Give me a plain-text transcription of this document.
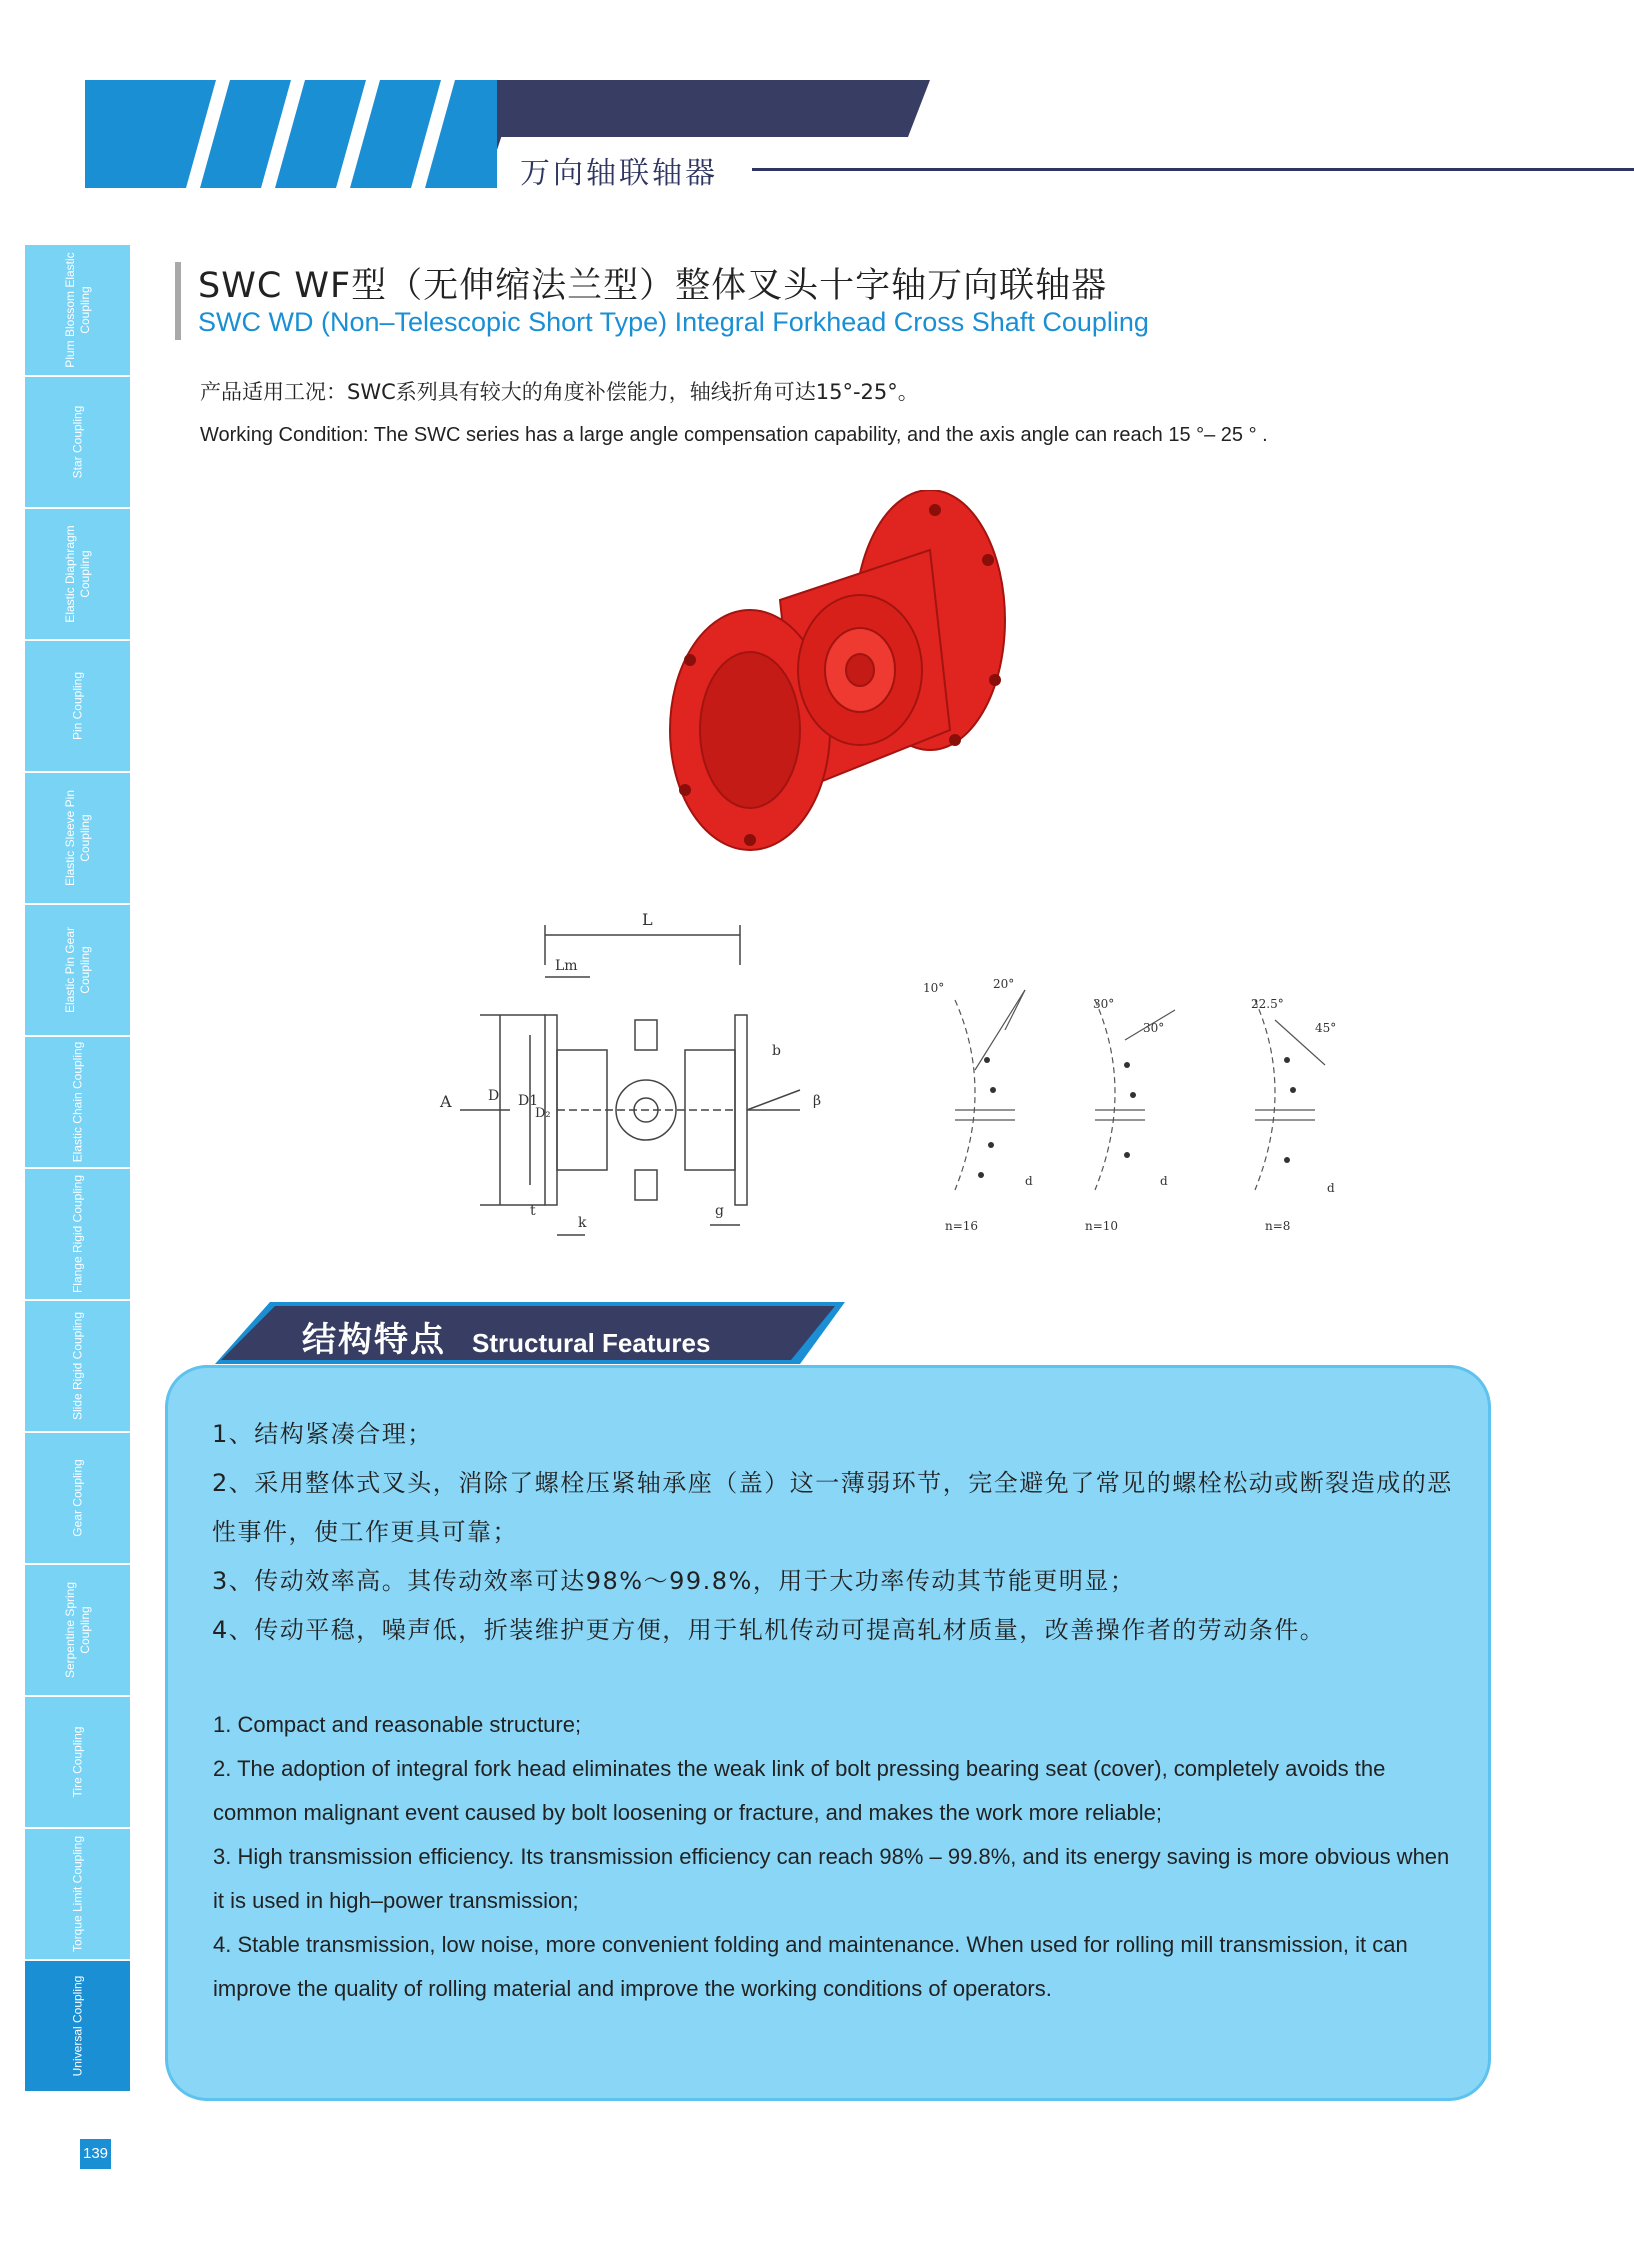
万向轴联轴器
Plum Blossom Elastic Coupling
Star Coupling
Elastic Diaphragm Coupling
Pin Coupling
Elastic Sleeve Pin Coupling
Elastic Pin Gear Coupling
Elastic Chain Coupling
Flange Rigid Coupling
Slide Rigid Coupling
Gear Coupling
Serpentine Spring Coupling
Tire Coupling
Torque Limit Coupling
Universal Coupling
139
SWC WF型（无伸缩法兰型）整体叉头十字轴万向联轴器
SWC WD (Non–Telescopic Short Type) Integral Forkhead Cross Shaft Coupling
产品适用工况：SWC系列具有较大的角度补偿能力，轴线折角可达15°-25°。
Working Condition: The SWC series has a large angle compensation capability, and the axis angle can reach 15 °– 25 ° .
L
Lm
A	D D1
D₂
b
β
t
k
g
10°	20°
d
n=16
30°
30°
d
n=10
22.5°
45°
d
n=8
结构特点 Structural Features

1、结构紧凑合理；

2、采用整体式叉头，消除了螺栓压紧轴承座（盖）这一薄弱环节，完全避免了常见的螺栓松动或断裂造成的恶性事件，使工作更具可靠；

3、传动效率高。其传动效率可达98%～99.8%，用于大功率传动其节能更明显；

4、传动平稳，噪声低，折装维护更方便，用于轧机传动可提高轧材质量，改善操作者的劳动条件。

1. Compact and reasonable structure;

2. The adoption of integral fork head eliminates the weak link of bolt pressing bearing seat (cover), completely avoids the common malignant event caused by bolt loosening or fracture, and makes the work more reliable;

3. High transmission efficiency. Its transmission efficiency can reach 98% – 99.8%, and its energy saving is more obvious when it is used in high–power transmission;

4. Stable transmission, low noise, more convenient folding and maintenance. When used for rolling mill transmission, it can improve the quality of rolling material and improve the working conditions of operators.
